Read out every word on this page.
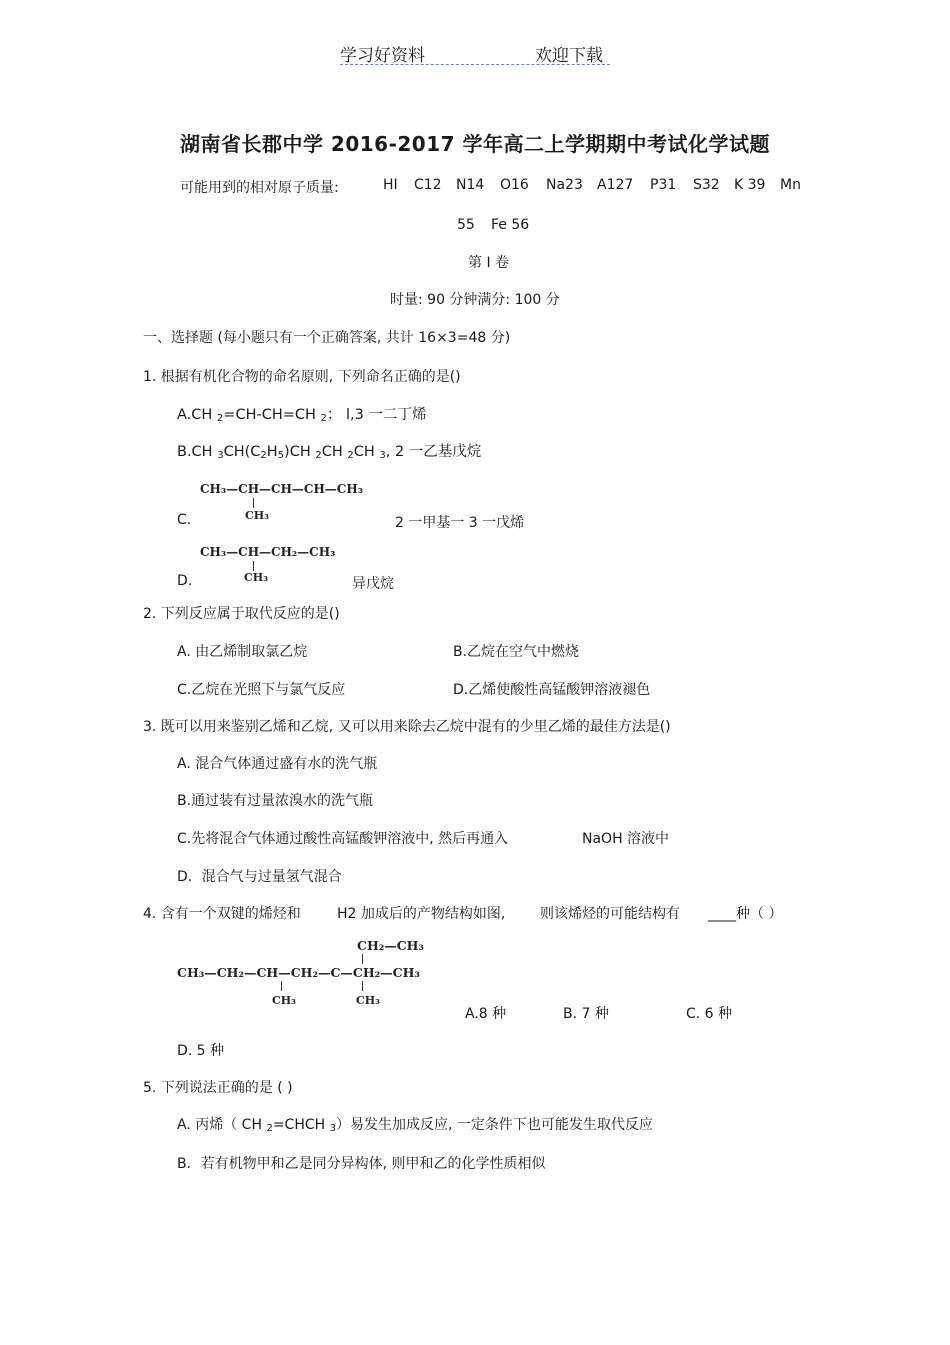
学习好资料	欢迎下载
湖南省长郡中学 2016-2017 学年高二上学期期中考试化学试题
可能用到的相对原子质量:	HI C12 N14 O16 Na23 A127 P31 S32 K 39 Mn
55 Fe 56
第 I 卷
时量: 90 分钟满分: 100 分
一、选择题 (每小题只有一个正确答案, 共计 16×3=48 分)
1. 根据有机化合物的命名原则, 下列命名正确的是()
A.CH $_2$=CH-CH=CH $_2$； l,3 一二丁烯
B.CH $_3CH(C_2H_5)CH$ $_2$CH $_2$CH $_3$, 2 一乙基戊烷
CH₃—CH—CH—CH—CH₃
CH₃
C.	2 一甲基一 3 一戊烯
CH₃—CH—CH₂—CH₃
CH₃
D.	异戊烷
2. 下列反应属于取代反应的是()
A. 由乙烯制取氯乙烷	B.乙烷在空气中燃烧
C.乙烷在光照下与氯气反应	D.乙烯使酸性高锰酸钾溶液褪色
3. 既可以用来鉴别乙烯和乙烷, 又可以用来除去乙烷中混有的少里乙烯的最佳方法是()
A. 混合气体通过盛有水的洗气瓶
B.通过装有过量浓溴水的洗气瓶
C.先将混合气体通过酸性高锰酸钾溶液中, 然后再通入	NaOH 溶液中
D．混合气与过量氢气混合
4. 含有一个双键的烯烃和	H2 加成后的产物结构如图, 则该烯烃的可能结构有 ____种（ ）
CH₂—CH₃
CH₃—CH₂—CH—CH₂—C—CH₂—CH₃
CH₃	CH₃
A.8 种	B. 7 种	C. 6 种
D. 5 种
5. 下列说法正确的是 ( )
A. 丙烯（ CH $_2$=CHCH $_3$）易发生加成反应, 一定条件下也可能发生取代反应
B．若有机物甲和乙是同分异构体, 则甲和乙的化学性质相似
